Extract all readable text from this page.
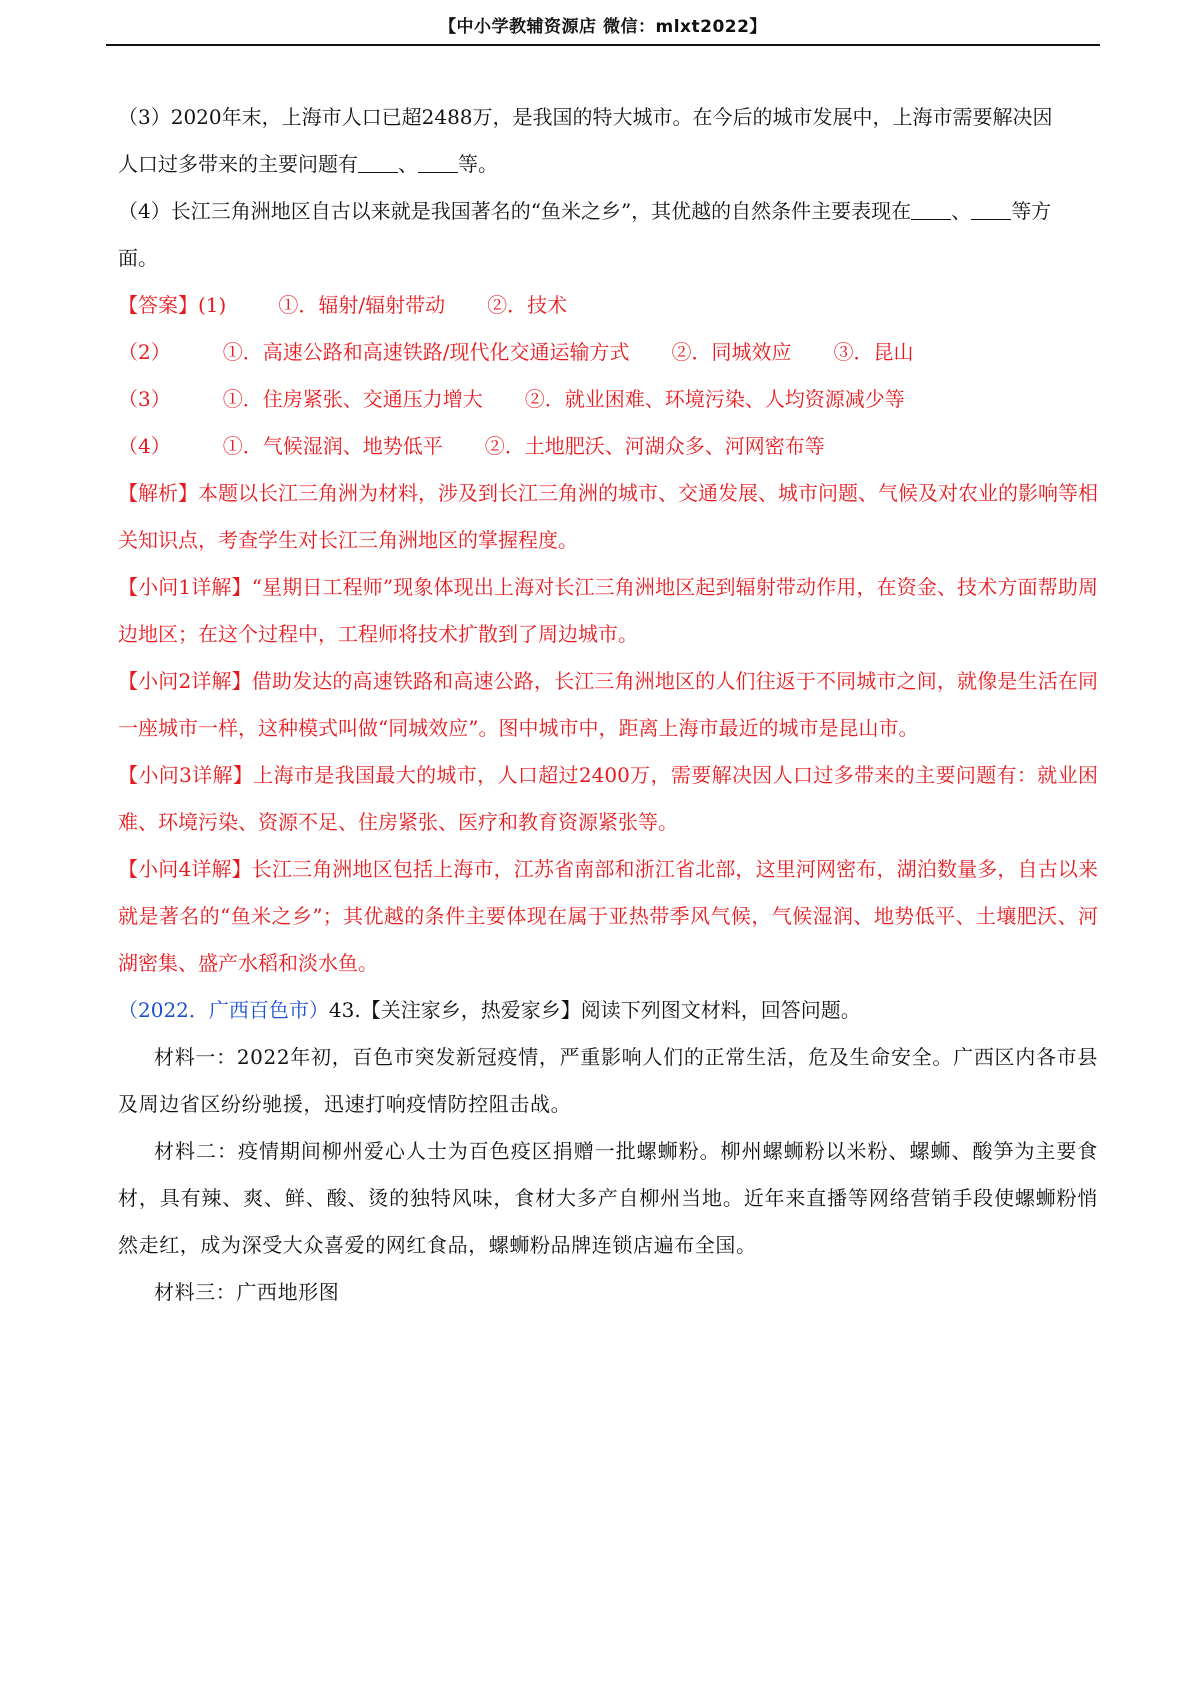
【中小学教辅资源店 微信：mlxt2022】

（3）2020年末，上海市人口已超2488万，是我国的特大城市。在今后的城市发展中，上海市需要解决因
人口过多带来的主要问题有 、 等。

（4）长江三角洲地区自古以来就是我国著名的“鱼米之乡”，其优越的自然条件主要表现在 、 等方
面。

【答案】(1)	①．辐射/辐射带动 ②．技术

（2）	①．高速公路和高速铁路/现代化交通运输方式 ②．同城效应 ③．昆山

（3）	①．住房紧张、交通压力增大 ②．就业困难、环境污染、人均资源减少等

（4）	①．气候湿润、地势低平 ②．土地肥沃、河湖众多、河网密布等

【解析】本题以长江三角洲为材料，涉及到长江三角洲的城市、交通发展、城市问题、气候及对农业的影响等相关知识点，考查学生对长江三角洲地区的掌握程度。

【小问1详解】“星期日工程师”现象体现出上海对长江三角洲地区起到辐射带动作用，在资金、技术方面帮助周边地区；在这个过程中，工程师将技术扩散到了周边城市。

【小问2详解】借助发达的高速铁路和高速公路，长江三角洲地区的人们往返于不同城市之间，就像是生活在同一座城市一样，这种模式叫做“同城效应”。图中城市中，距离上海市最近的城市是昆山市。

【小问3详解】上海市是我国最大的城市，人口超过2400万，需要解决因人口过多带来的主要问题有：就业困难、环境污染、资源不足、住房紧张、医疗和教育资源紧张等。

【小问4详解】长江三角洲地区包括上海市，江苏省南部和浙江省北部，这里河网密布，湖泊数量多，自古以来就是著名的“鱼米之乡”；其优越的条件主要体现在属于亚热带季风气候，气候湿润、地势低平、土壤肥沃、河湖密集、盛产水稻和淡水鱼。

（2022．广西百色市）43.【关注家乡，热爱家乡】阅读下列图文材料，回答问题。

材料一：2022年初，百色市突发新冠疫情，严重影响人们的正常生活，危及生命安全。广西区内各市县及周边省区纷纷驰援，迅速打响疫情防控阻击战。

材料二：疫情期间柳州爱心人士为百色疫区捐赠一批螺蛳粉。柳州螺蛳粉以米粉、螺蛳、酸笋为主要食材，具有辣、爽、鲜、酸、烫的独特风味，食材大多产自柳州当地。近年来直播等网络营销手段使螺蛳粉悄然走红，成为深受大众喜爱的网红食品，螺蛳粉品牌连锁店遍布全国。

材料三：广西地形图
